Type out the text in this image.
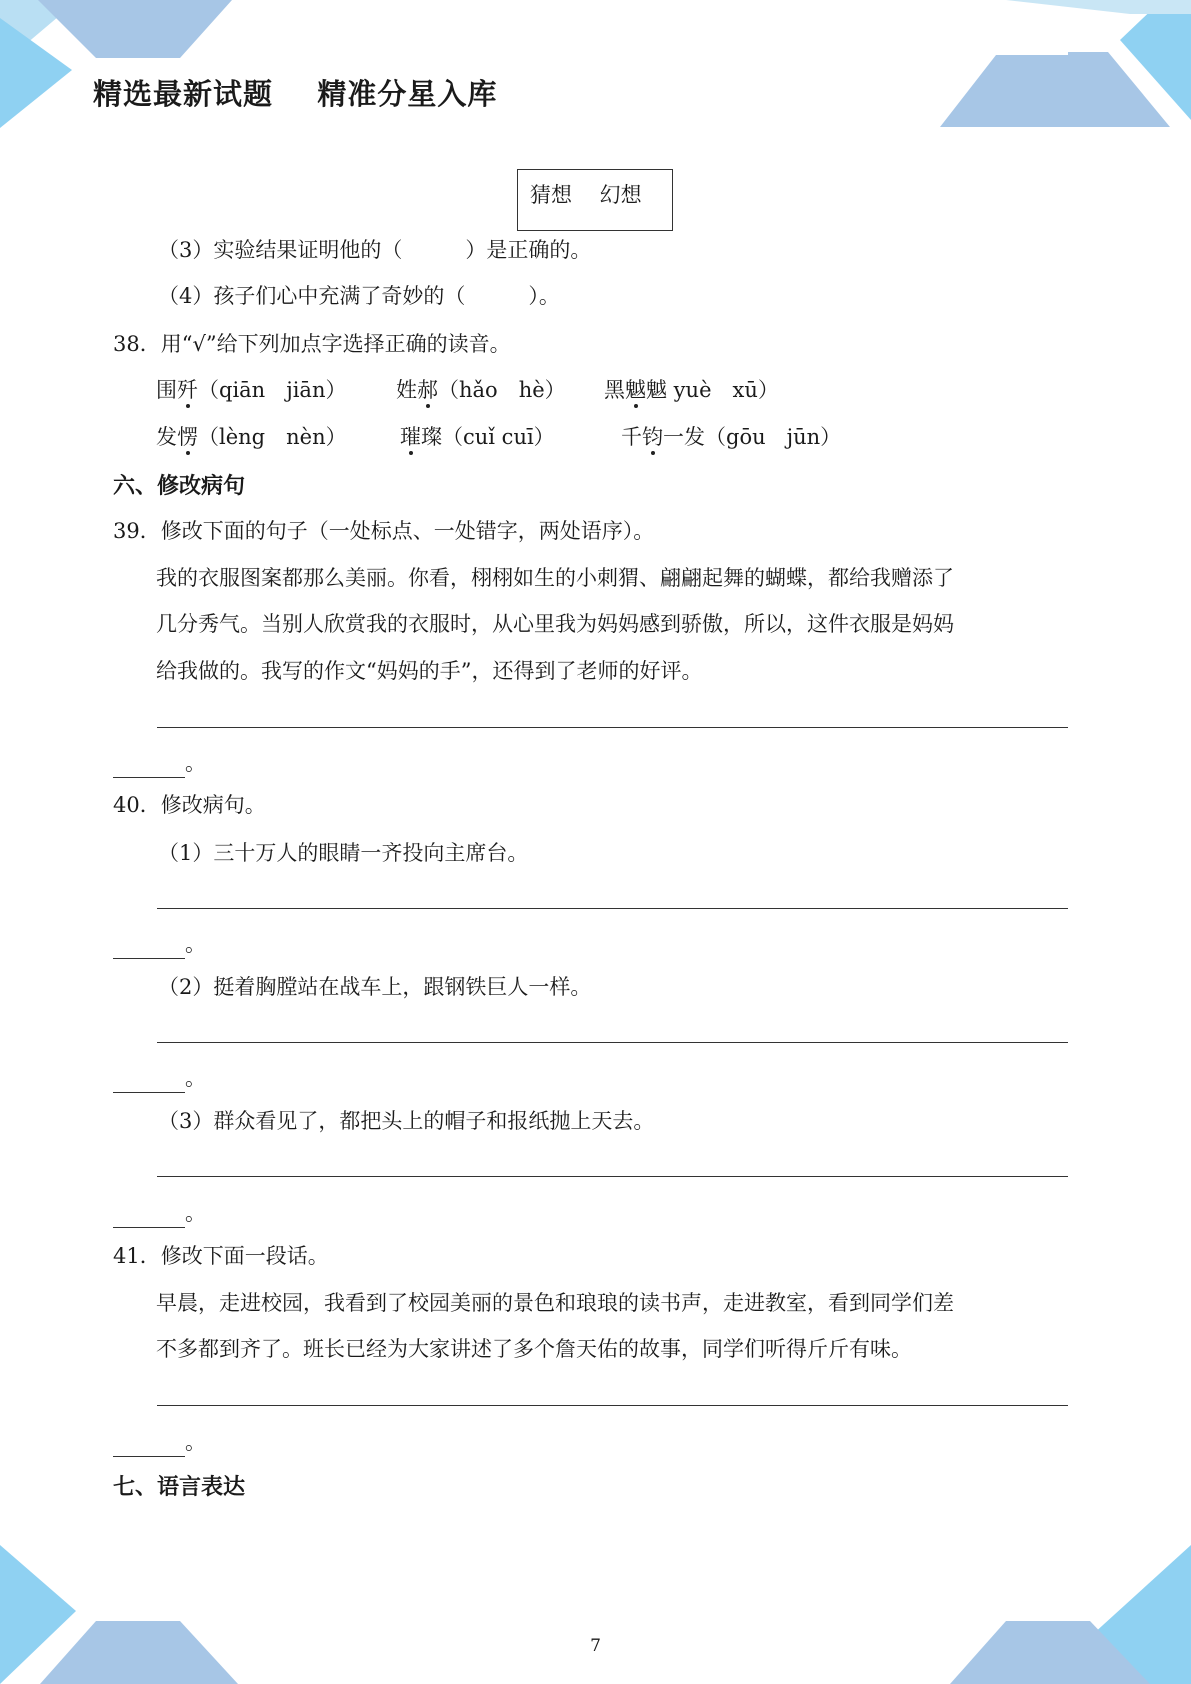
精选最新试题    精准分星入库
猜想　 幻想
（3）实验结果证明他的（　　　）是正确的。
（4）孩子们心中充满了奇妙的（　　　）。
38．用“√”给下列加点字选择正确的读音。
围歼（qiān　jiān） 姓郝（hǎo　hè） 黑魆魆 yuè　xū）
发愣（lèng　nèn）	璀璨（cuǐ cuī）	千钧一发（gōu　jūn）
六、修改病句
39．修改下面的句子（一处标点、一处错字，两处语序）。
我的衣服图案都那么美丽。你看，栩栩如生的小刺猬、翩翩起舞的蝴蝶，都给我赠添了
几分秀气。当别人欣赏我的衣服时，从心里我为妈妈感到骄傲，所以，这件衣服是妈妈
给我做的。我写的作文“妈妈的手”，还得到了老师的好评。
。
40．修改病句。
（1）三十万人的眼睛一齐投向主席台。
。
（2）挺着胸膛站在战车上，跟钢铁巨人一样。
。
（3）群众看见了，都把头上的帽子和报纸抛上天去。
。
41．修改下面一段话。
早晨，走进校园，我看到了校园美丽的景色和琅琅的读书声，走进教室，看到同学们差
不多都到齐了。班长已经为大家讲述了多个詹天佑的故事，同学们听得斤斤有味。
。
七、语言表达
7
